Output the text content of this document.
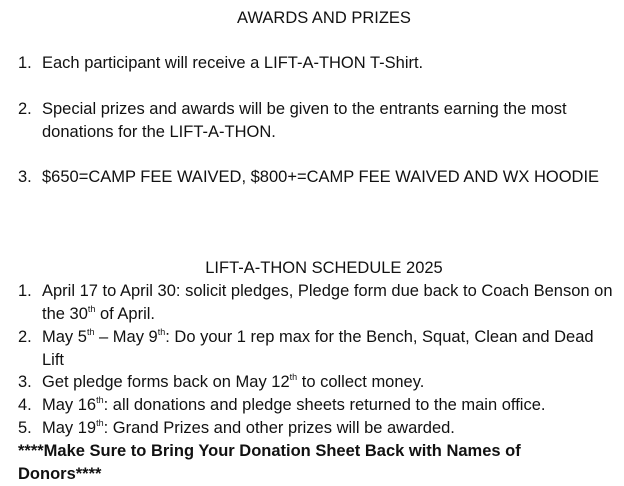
AWARDS AND PRIZES
1. Each participant will receive a LIFT-A-THON T-Shirt.
2. Special prizes and awards will be given to the entrants earning the most donations for the LIFT-A-THON.
3. $650=CAMP FEE WAIVED, $800+=CAMP FEE WAIVED AND WX HOODIE
LIFT-A-THON SCHEDULE 2025
1. April 17 to April 30: solicit pledges, Pledge form due back to Coach Benson on the 30th of April.
2. May 5th – May 9th: Do your 1 rep max for the Bench, Squat, Clean and Dead Lift
3. Get pledge forms back on May 12th to collect money.
4. May 16th: all donations and pledge sheets returned to the main office.
5. May 19th: Grand Prizes and other prizes will be awarded.

****Make Sure to Bring Your Donation Sheet Back with Names of Donors****
